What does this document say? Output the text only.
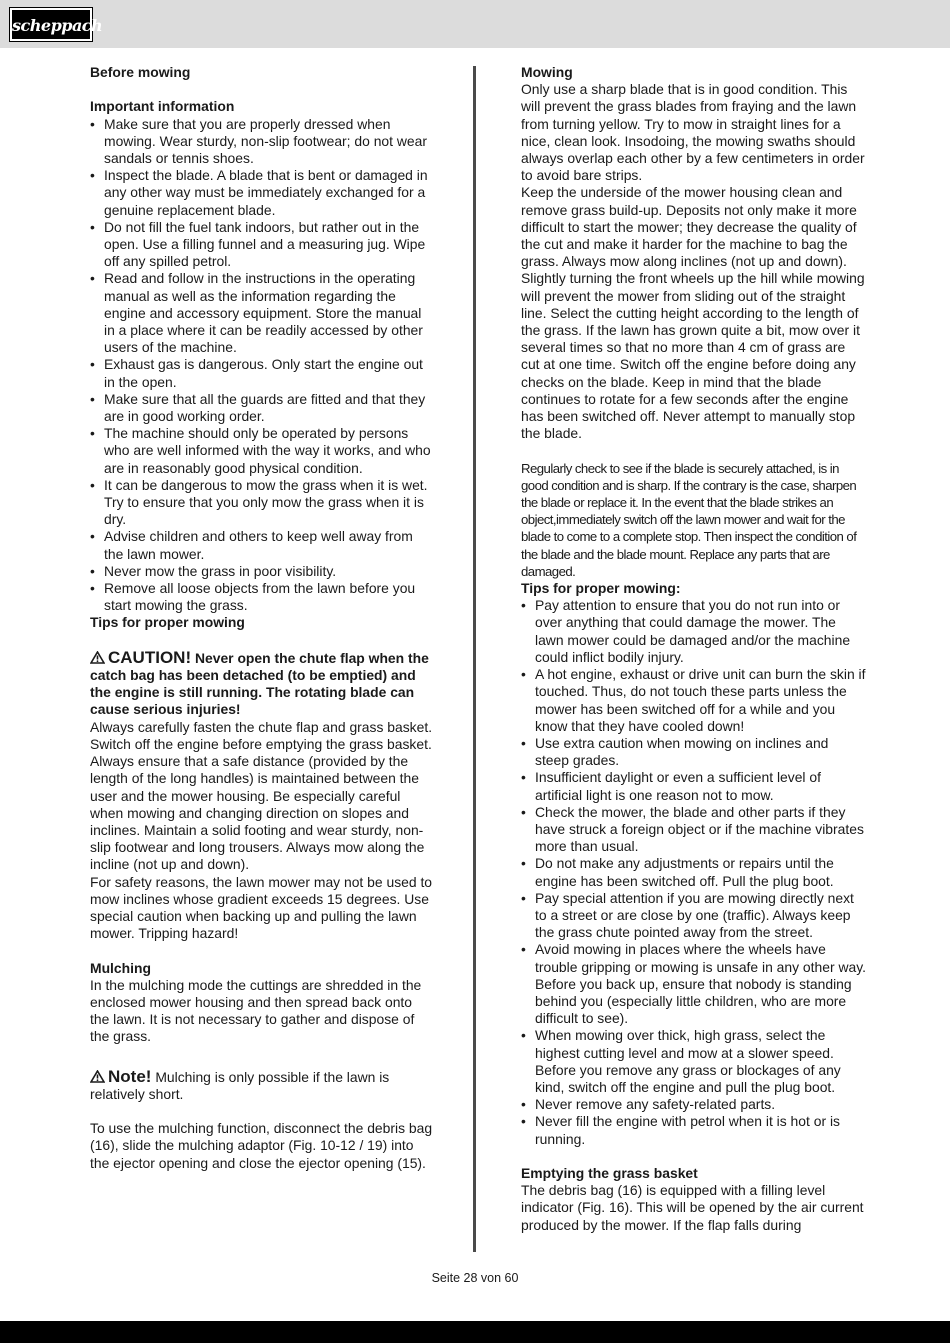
scheppach

Before mowing

Important information

• Make sure that you are properly dressed when mowing. Wear sturdy, non-slip footwear; do not wear sandals or tennis shoes.
• Inspect the blade. A blade that is bent or damaged in any other way must be immediately exchanged for a genuine replacement blade.
• Do not fill the fuel tank indoors, but rather out in the open. Use a filling funnel and a measuring jug. Wipe off any spilled petrol.
• Read and follow in the instructions in the operating manual as well as the information regarding the engine and accessory equipment. Store the manual in a place where it can be readily accessed by other users of the machine.
• Exhaust gas is dangerous. Only start the engine out in the open.
• Make sure that all the guards are fitted and that they are in good working order.
• The machine should only be operated by persons who are well informed with the way it works, and who are in reasonably good physical condition.
• It can be dangerous to mow the grass when it is wet. Try to ensure that you only mow the grass when it is dry.
• Advise children and others to keep well away from the lawn mower.
• Never mow the grass in poor visibility.
• Remove all loose objects from the lawn before you start mowing the grass.

Tips for proper mowing

CAUTION! Never open the chute flap when the catch bag has been detached (to be emptied) and the engine is still running. The rotating blade can cause serious injuries!

Always carefully fasten the chute flap and grass basket. Switch off the engine before emptying the grass basket.

Always ensure that a safe distance (provided by the length of the long handles) is maintained between the user and the mower housing. Be especially careful when mowing and changing direction on slopes and inclines. Maintain a solid footing and wear sturdy, non-slip footwear and long trousers. Always mow along the incline (not up and down).

For safety reasons, the lawn mower may not be used to mow inclines whose gradient exceeds 15 degrees. Use special caution when backing up and pulling the lawn mower. Tripping hazard!

Mulching

In the mulching mode the cuttings are shredded in the enclosed mower housing and then spread back onto the lawn. It is not necessary to gather and dispose of the grass.

Note! Mulching is only possible if the lawn is relatively short.

To use the mulching function, disconnect the debris bag (16), slide the mulching adaptor (Fig. 10-12 / 19) into the ejector opening and close the ejector opening (15).

Mowing

Only use a sharp blade that is in good condition. This will prevent the grass blades from fraying and the lawn from turning yellow. Try to mow in straight lines for a nice, clean look. Insodoing, the mowing swaths should always overlap each other by a few centimeters in order to avoid bare strips.

Keep the underside of the mower housing clean and remove grass build-up. Deposits not only make it more difficult to start the mower; they decrease the quality of the cut and make it harder for the machine to bag the grass. Always mow along inclines (not up and down). Slightly turning the front wheels up the hill while mowing will prevent the mower from sliding out of the straight line. Select the cutting height according to the length of the grass. If the lawn has grown quite a bit, mow over it several times so that no more than 4 cm of grass are cut at one time. Switch off the engine before doing any checks on the blade. Keep in mind that the blade continues to rotate for a few seconds after the engine has been switched off. Never attempt to manually stop the blade.

Regularly check to see if the blade is securely attached, is in good condition and is sharp. If the contrary is the case, sharpen the blade or replace it. In the event that the blade strikes an object,immediately switch off the lawn mower and wait for the blade to come to a complete stop. Then inspect the condition of the blade and the blade mount. Replace any parts that are damaged.

Tips for proper mowing:

• Pay attention to ensure that you do not run into or over anything that could damage the mower. The lawn mower could be damaged and/or the machine could inflict bodily injury.
• A hot engine, exhaust or drive unit can burn the skin if touched. Thus, do not touch these parts unless the mower has been switched off for a while and you know that they have cooled down!
• Use extra caution when mowing on inclines and steep grades.
• Insufficient daylight or even a sufficient level of artificial light is one reason not to mow.
• Check the mower, the blade and other parts if they have struck a foreign object or if the machine vibrates more than usual.
• Do not make any adjustments or repairs until the engine has been switched off. Pull the plug boot.
• Pay special attention if you are mowing directly next to a street or are close by one (traffic). Always keep the grass chute pointed away from the street.
• Avoid mowing in places where the wheels have trouble gripping or mowing is unsafe in any other way. Before you back up, ensure that nobody is standing behind you (especially little children, who are more difficult to see).
• When mowing over thick, high grass, select the highest cutting level and mow at a slower speed. Before you remove any grass or blockages of any kind, switch off the engine and pull the plug boot.
• Never remove any safety-related parts.
• Never fill the engine with petrol when it is hot or is running.

Emptying the grass basket

The debris bag (16) is equipped with a filling level indicator (Fig. 16). This will be opened by the air current produced by the mower. If the flap falls during

Seite 28 von 60
